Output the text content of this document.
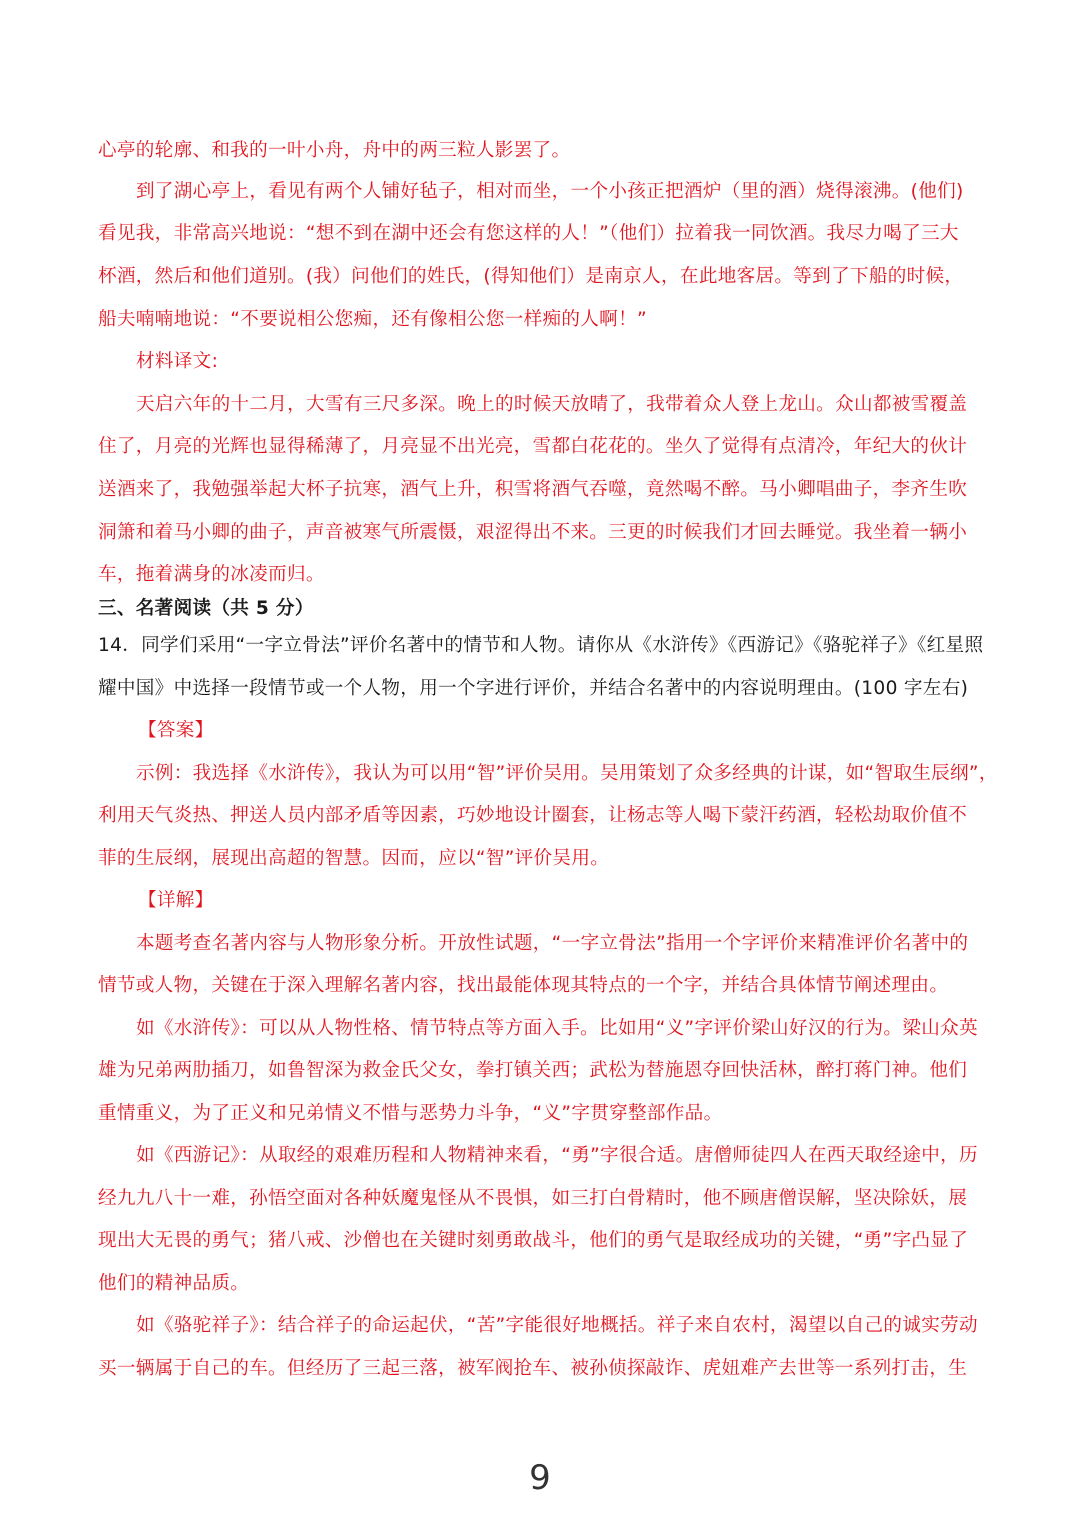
心亭的轮廓、和我的一叶小舟，舟中的两三粒人影罢了。
到了湖心亭上，看见有两个人铺好毡子，相对而坐，一个小孩正把酒炉（里的酒）烧得滚沸。(他们)
看见我，非常高兴地说：“想不到在湖中还会有您这样的人！”（他们）拉着我一同饮酒。我尽力喝了三大
杯酒，然后和他们道别。(我）问他们的姓氏，(得知他们）是南京人，在此地客居。等到了下船的时候，
船夫喃喃地说：“不要说相公您痴，还有像相公您一样痴的人啊！”
材料译文:
天启六年的十二月，大雪有三尺多深。晚上的时候天放晴了，我带着众人登上龙山。众山都被雪覆盖
住了，月亮的光辉也显得稀薄了，月亮显不出光亮，雪都白花花的。坐久了觉得有点清冷，年纪大的伙计
送酒来了，我勉强举起大杯子抗寒，酒气上升，积雪将酒气吞噬，竟然喝不醉。马小卿唱曲子，李齐生吹
洞箫和着马小卿的曲子，声音被寒气所震慑，艰涩得出不来。三更的时候我们才回去睡觉。我坐着一辆小
车，拖着满身的冰凌而归。
三、名著阅读（共 5 分）
14．同学们采用“一字立骨法”评价名著中的情节和人物。请你从《水浒传》《西游记》《骆驼祥子》《红星照
耀中国》中选择一段情节或一个人物，用一个字进行评价，并结合名著中的内容说明理由。(100 字左右)
【答案】
示例：我选择《水浒传》，我认为可以用“智”评价吴用。吴用策划了众多经典的计谋，如“智取生辰纲”，
利用天气炎热、押送人员内部矛盾等因素，巧妙地设计圈套，让杨志等人喝下蒙汗药酒，轻松劫取价值不
菲的生辰纲，展现出高超的智慧。因而，应以“智”评价吴用。
【详解】
本题考查名著内容与人物形象分析。开放性试题，“一字立骨法”指用一个字评价来精准评价名著中的
情节或人物，关键在于深入理解名著内容，找出最能体现其特点的一个字，并结合具体情节阐述理由。
如《水浒传》：可以从人物性格、情节特点等方面入手。比如用“义”字评价梁山好汉的行为。梁山众英
雄为兄弟两肋插刀，如鲁智深为救金氏父女，拳打镇关西；武松为替施恩夺回快活林，醉打蒋门神。他们
重情重义，为了正义和兄弟情义不惜与恶势力斗争，“义”字贯穿整部作品。
如《西游记》：从取经的艰难历程和人物精神来看，“勇”字很合适。唐僧师徒四人在西天取经途中，历
经九九八十一难，孙悟空面对各种妖魔鬼怪从不畏惧，如三打白骨精时，他不顾唐僧误解，坚决除妖，展
现出大无畏的勇气；猪八戒、沙僧也在关键时刻勇敢战斗，他们的勇气是取经成功的关键，“勇”字凸显了
他们的精神品质。
如《骆驼祥子》：结合祥子的命运起伏，“苦”字能很好地概括。祥子来自农村，渴望以自己的诚实劳动
买一辆属于自己的车。但经历了三起三落，被军阀抢车、被孙侦探敲诈、虎妞难产去世等一系列打击，生
9
